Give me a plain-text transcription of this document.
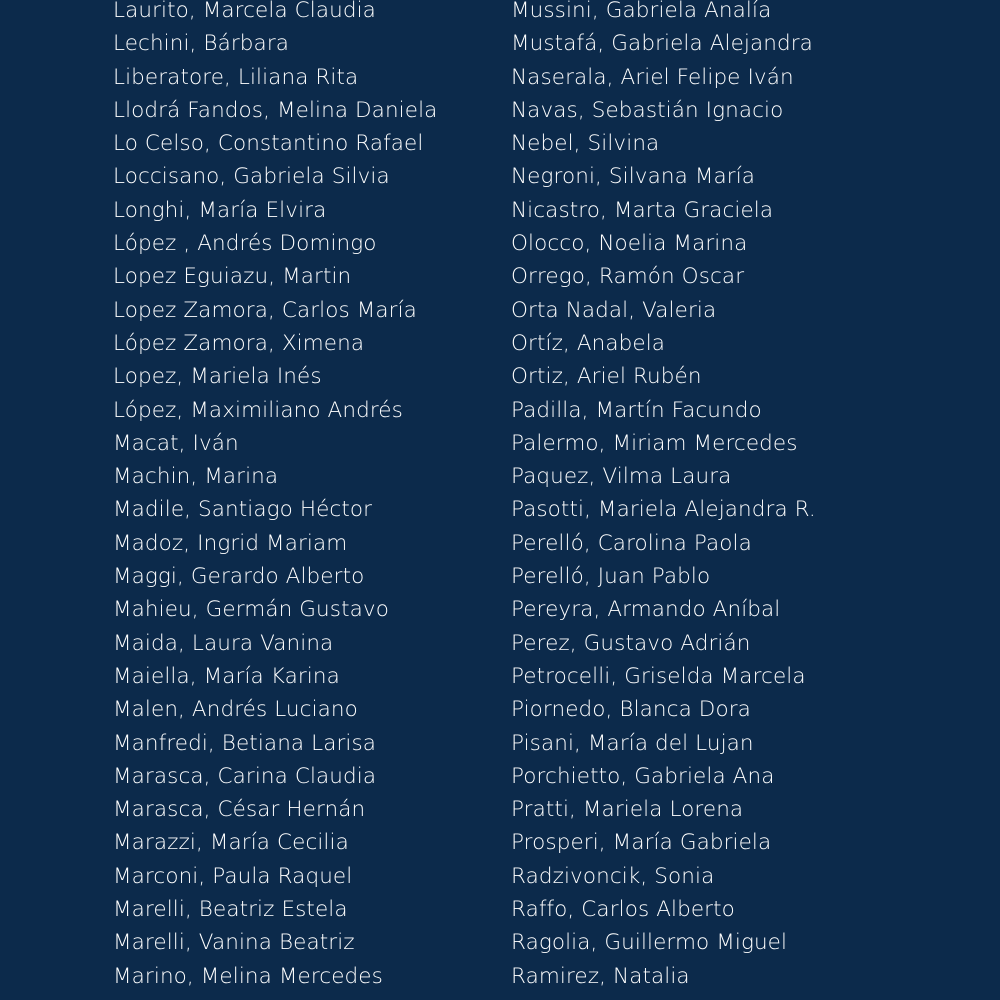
Laurito, Marcela Claudia
Lechini, Bárbara
Liberatore, Liliana Rita
Llodrá Fandos, Melina Daniela
Lo Celso, Constantino Rafael
Loccisano, Gabriela Silvia
Longhi, María Elvira
López , Andrés Domingo
Lopez Eguiazu, Martin
Lopez Zamora, Carlos María
López Zamora, Ximena
Lopez, Mariela Inés
López, Maximiliano Andrés
Macat, Iván
Machin, Marina
Madile, Santiago Héctor
Madoz, Ingrid Mariam
Maggi, Gerardo Alberto
Mahieu, Germán Gustavo
Maida, Laura Vanina
Maiella, María Karina
Malen, Andrés Luciano
Manfredi, Betiana Larisa
Marasca, Carina Claudia
Marasca, César Hernán
Marazzi, María Cecilia
Marconi, Paula Raquel
Marelli, Beatriz Estela
Marelli, Vanina Beatriz
Marino, Melina Mercedes
Mussini, Gabriela Analía
Mustafá, Gabriela Alejandra
Naserala, Ariel Felipe Iván
Navas, Sebastián Ignacio
Nebel, Silvina
Negroni, Silvana María
Nicastro, Marta Graciela
Olocco, Noelia Marina
Orrego, Ramón Oscar
Orta Nadal, Valeria
Ortíz, Anabela
Ortiz, Ariel Rubén
Padilla, Martín Facundo
Palermo, Miriam Mercedes
Paquez, Vilma Laura
Pasotti, Mariela Alejandra R.
Perelló, Carolina Paola
Perelló, Juan Pablo
Pereyra, Armando Aníbal
Perez, Gustavo Adrián
Petrocelli, Griselda Marcela
Piornedo, Blanca Dora
Pisani, María del Lujan
Porchietto, Gabriela Ana
Pratti, Mariela Lorena
Prosperi, María Gabriela
Radzivoncik, Sonia
Raffo, Carlos Alberto
Ragolia, Guillermo Miguel
Ramirez, Natalia
